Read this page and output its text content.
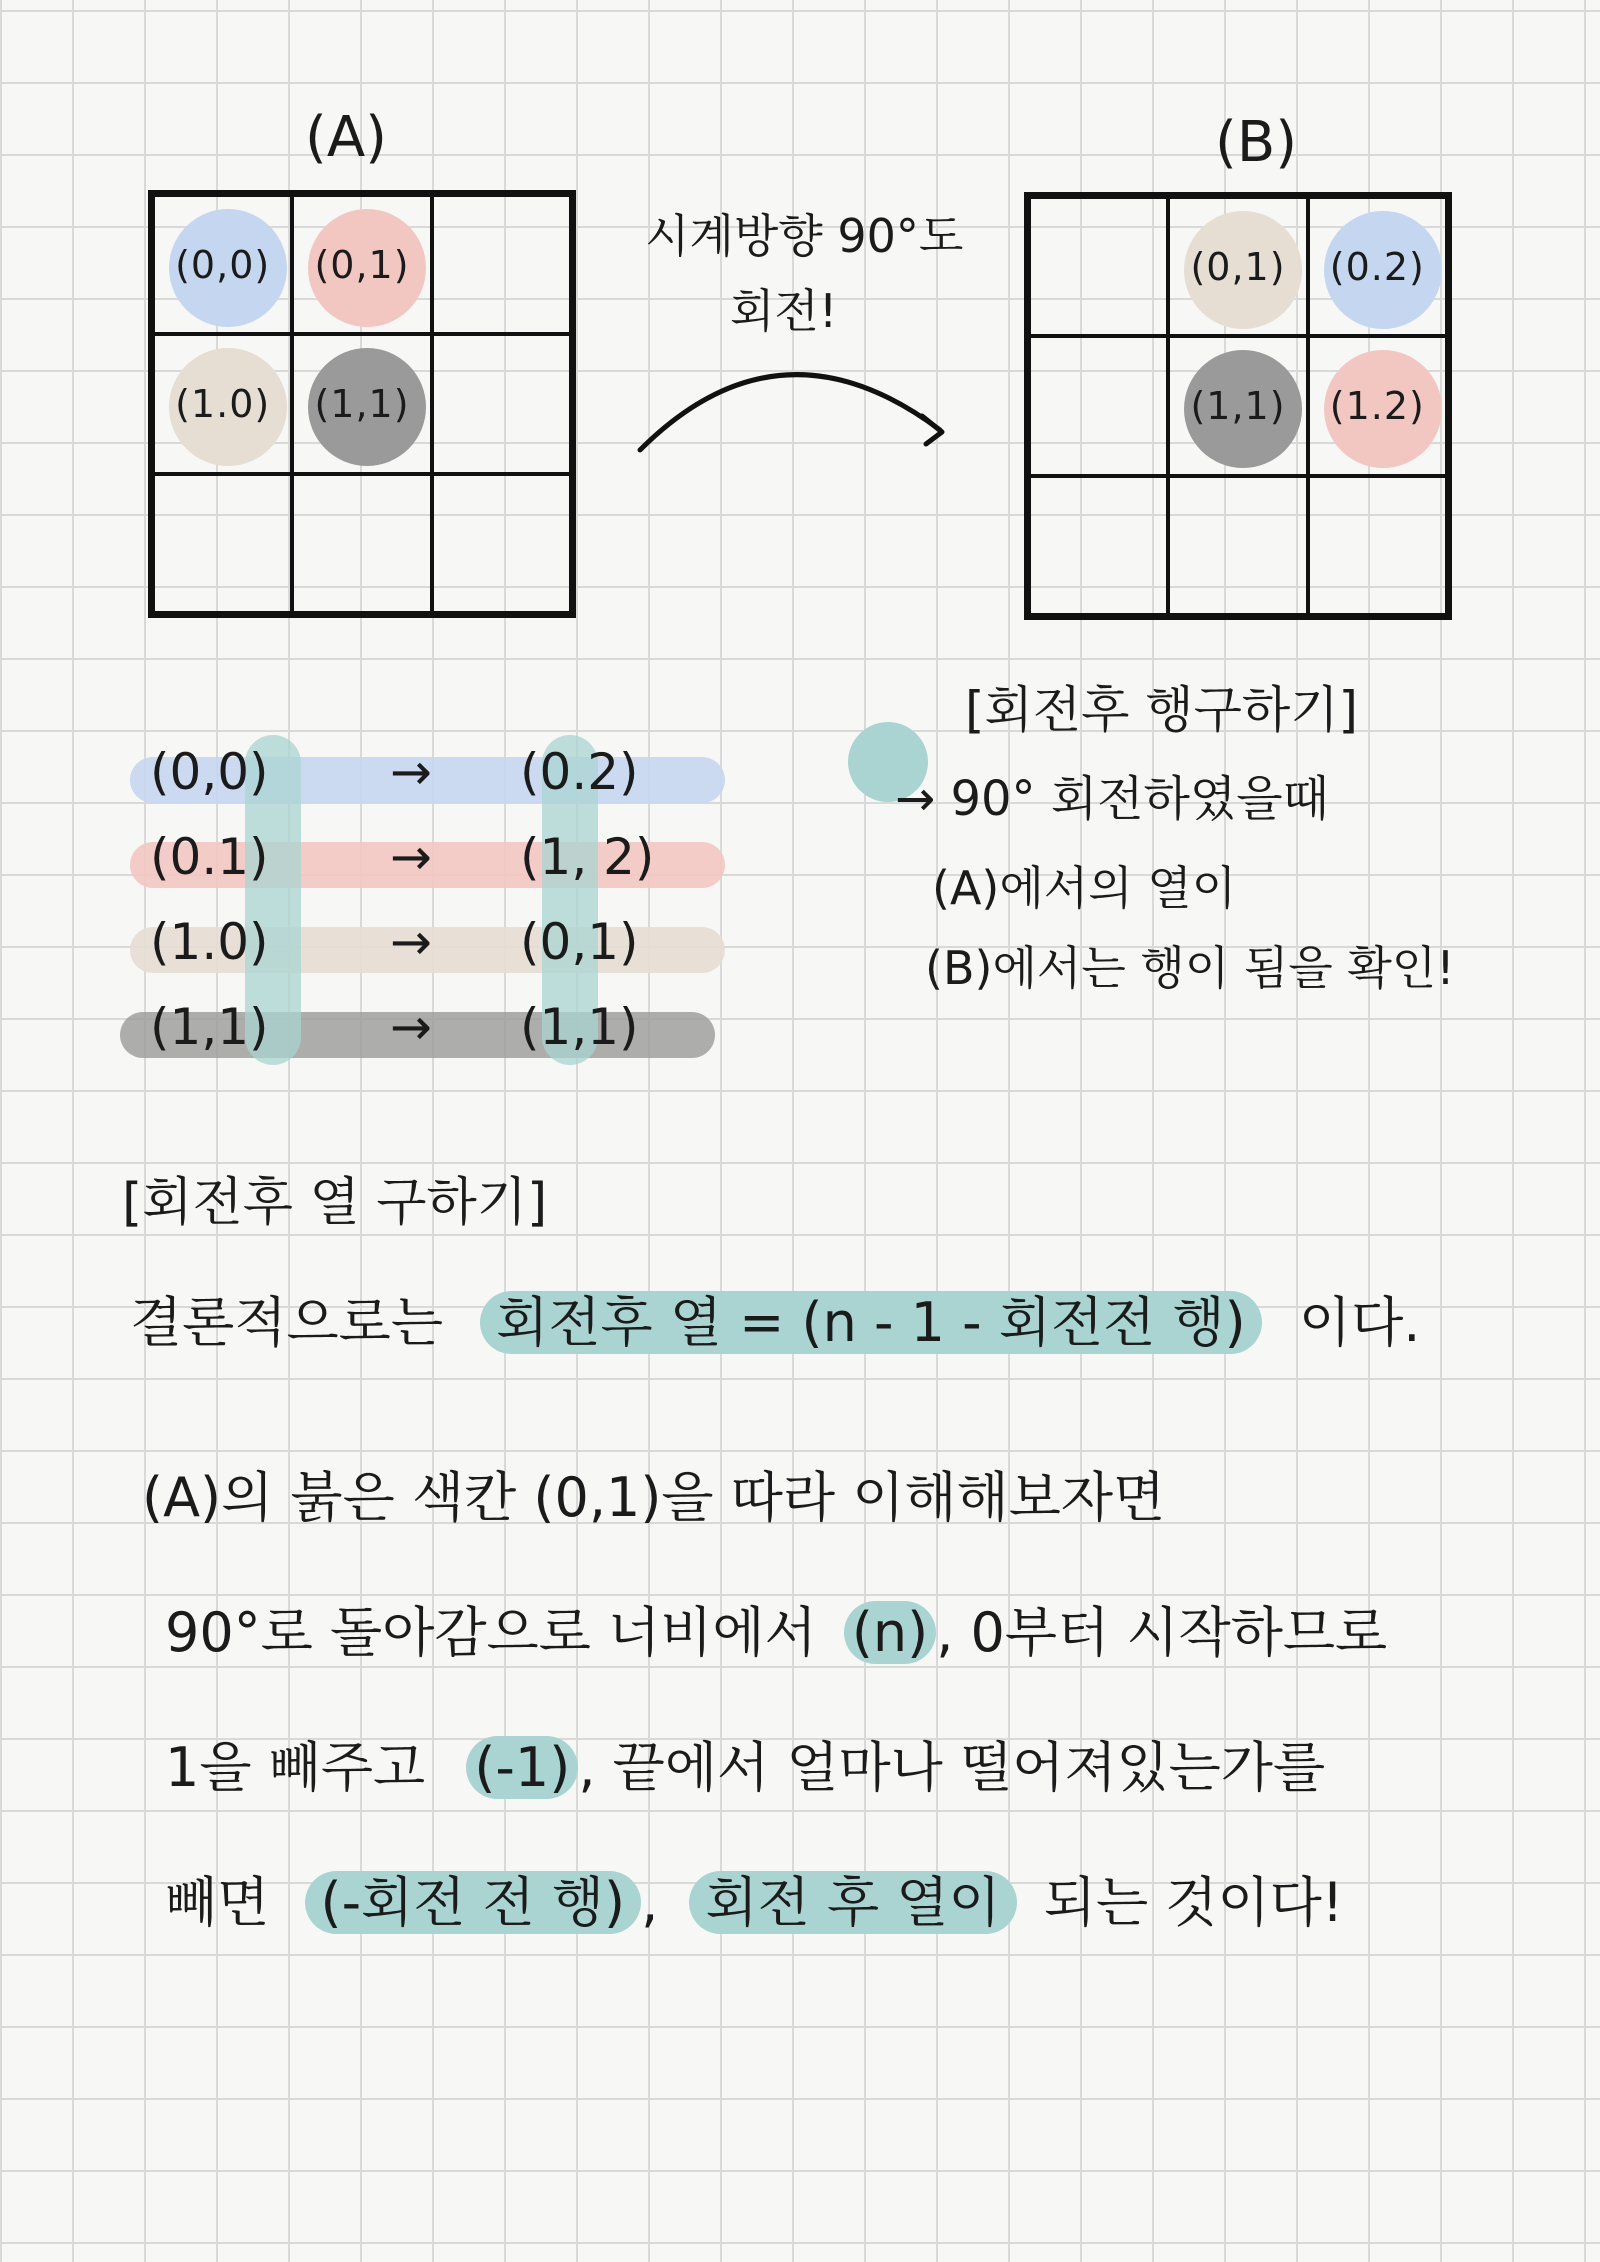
(A)
(0,0) (0,1)
(1.0) (1,1)
(B)
(0,1) (0.2)
(1,1) (1.2)
시계방향 90°도
회전!
(0,0) → (0.2)
(0.1) → (1, 2)
(1.0) → (0,1)
(1,1) → (1,1)
[회전후 행구하기]
→ 90° 회전하였을때
(A)에서의 열이
(B)에서는 행이 됨을 확인!
[회전후 열 구하기]
결론적으로는 회전후 열 = (n - 1 - 회전전 행) 이다.
(A)의 붉은 색칸 (0,1)을 따라 이해해보자면
90°로 돌아감으로 너비에서 (n) , 0부터 시작하므로
1을 빼주고 (-1) , 끝에서 얼마나 떨어져있는가를
빼면 (-회전 전 행) , 회전 후 열이 되는 것이다!
